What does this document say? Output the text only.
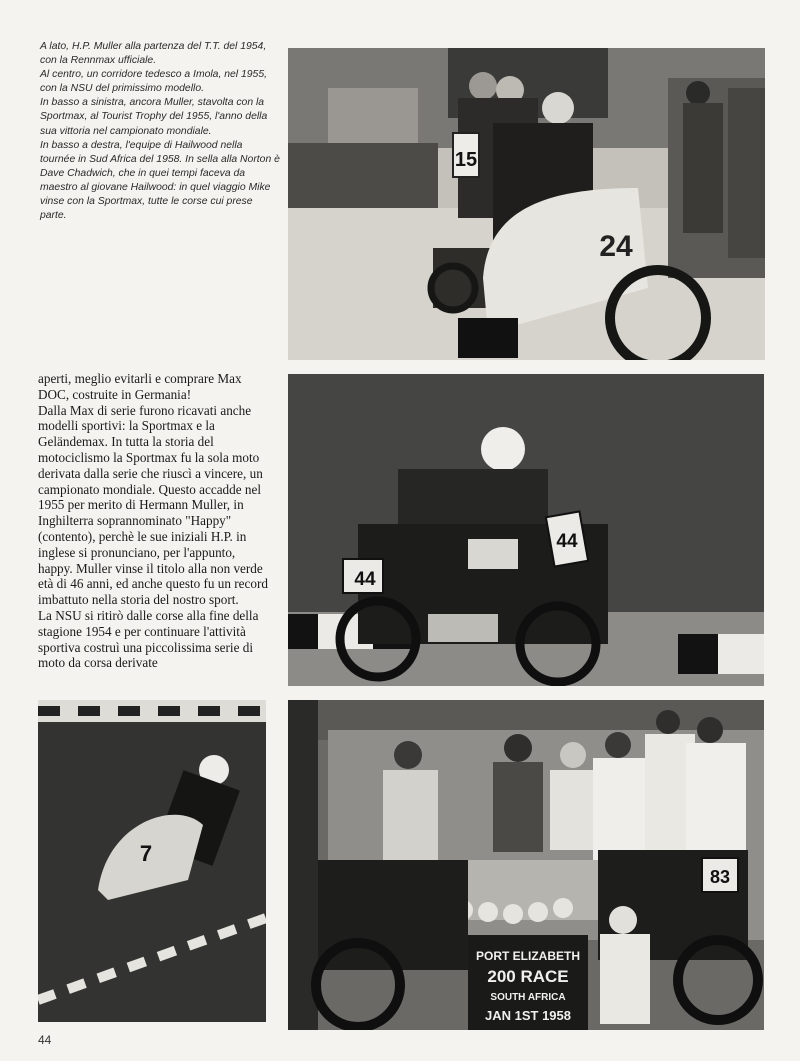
A lato, H.P. Muller alla partenza del T.T. del 1954, con la Rennmax ufficiale.

Al centro, un corridore tedesco a Imola, nel 1955, con la NSU del primissimo modello.

In basso a sinistra, ancora Muller, stavolta con la Sportmax, al Tourist Trophy del 1955, l'anno della sua vittoria nel campionato mondiale.

In basso a destra, l'equipe di Hailwood nella tournée in Sud Africa del 1958. In sella alla Norton è Dave Chadwich, che in quei tempi faceva da maestro al giovane Hailwood: in quel viaggio Mike vinse con la Sportmax, tutte le corse cui prese parte.

15
24

aperti, meglio evitarli e comprare Max DOC, costruite in Germania!

Dalla Max di serie furono ricavati anche modelli sportivi: la Sportmax e la Geländemax. In tutta la storia del motociclismo la Sportmax fu la sola moto derivata dalla serie che riuscì a vincere, un campionato mondiale. Questo accadde nel 1955 per merito di Hermann Muller, in Inghilterra soprannominato "Happy" (contento), perchè le sue iniziali H.P. in inglese si pronunciano, per l'appunto, happy. Muller vinse il titolo alla non verde età di 46 anni, ed anche questo fu un record imbattuto nella storia del nostro sport.

La NSU si ritirò dalle corse alla fine della stagione 1954 e per continuare l'attività sportiva costruì una piccolissima serie di moto da corsa derivate

44
44
7
83
PORT ELIZABETH
200 RACE
SOUTH AFRICA
JAN 1ST 1958
44
